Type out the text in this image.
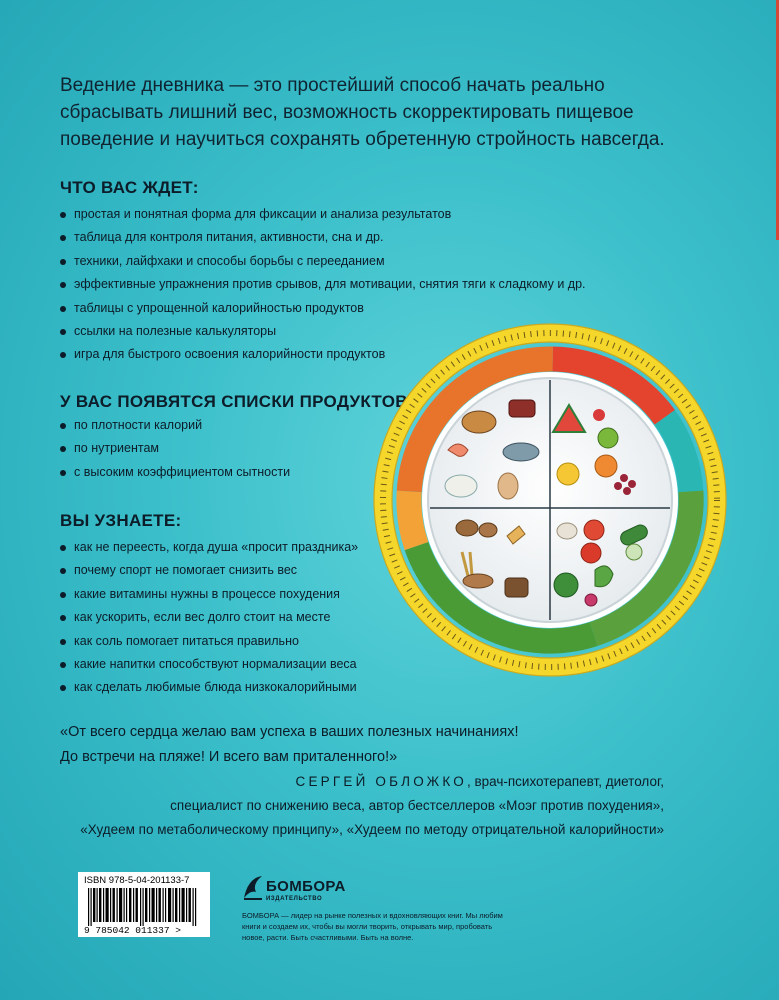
Ведение дневника — это простейший способ начать реально сбрасывать лишний вес, возможность скорректировать пищевое поведение и научиться сохранять обретенную стройность навсегда.
ЧТО ВАС ЖДЕТ:
простая и понятная форма для фиксации и анализа результатов
таблица для контроля питания, активности, сна и др.
техники, лайфхаки и способы борьбы с перееданием
эффективные упражнения против срывов, для мотивации, снятия тяги к сладкому и др.
таблицы с упрощенной калорийностью продуктов
ссылки на полезные калькуляторы
игра для быстрого освоения калорийности продуктов
У ВАС ПОЯВЯТСЯ СПИСКИ ПРОДУКТОВ:
по плотности калорий
по нутриентам
с высоким коэффициентом сытности
ВЫ УЗНАЕТЕ:
как не переесть, когда душа «просит праздника»
почему спорт не помогает снизить вес
какие витамины нужны в процессе похудения
как ускорить, если вес долго стоит на месте
как соль помогает питаться правильно
какие напитки способствуют нормализации веса
как сделать любимые блюда низкокалорийными
«От всего сердца желаю вам успеха в ваших полезных начинаниях!
До встречи на пляже! И всего вам приталенного!»
СЕРГЕЙ ОБЛОЖКО, врач-психотерапевт, диетолог,
специалист по снижению веса, автор бестселлеров «Моэг против похудения»,
«Худеем по метаболическому принципу», «Худеем по методу отрицательной калорийности»
ISBN 978-5-04-201133-7
9 785042 011337 >
БОМБОРА
ИЗДАТЕЛЬСТВО
БОМБОРА — лидер на рынке полезных и вдохновляющих книг. Мы любим книги и создаем их, чтобы вы могли творить, открывать мир, пробовать новое, расти. Быть счастливыми. Быть на волне.
